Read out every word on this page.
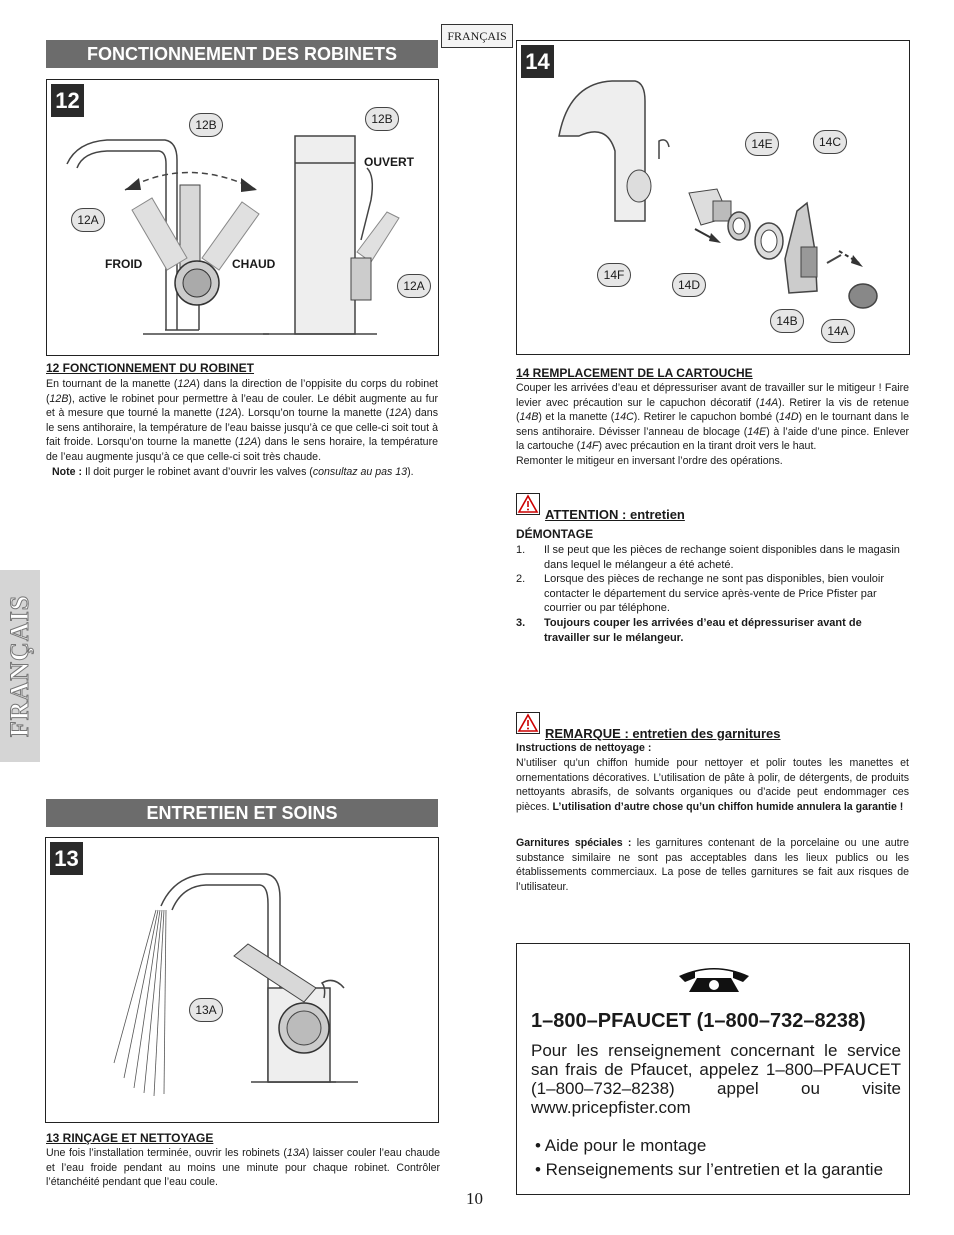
FRANÇAIS
FRANÇAIS
FONCTIONNEMENT DES ROBINETS
12
12B
12A
12B
12A
FROID	CHAUD
OUVERT
12 FONCTIONNEMENT DU ROBINET
En tournant de la manette (12A) dans la direction de l’oppisite du corps du robinet (12B), active le robinet pour permettre à l’eau de couler. Le débit augmente au fur et à mesure que tourné la manette (12A). Lorsqu’on tourne la manette (12A) dans le sens antihoraire, la température de l’eau baisse jusqu’à ce que celle-ci soit tout à fait froide. Lorsqu’on tourne la manette (12A) dans le sens horaire, la température de l’eau augmente jusqu’à ce que celle-ci soit très chaude.
Note : Il doit purger le robinet avant d’ouvrir les valves (consultaz au pas 13).
ENTRETIEN ET SOINS
13
13A
13 RINÇAGE ET NETTOYAGE
Une fois l’installation terminée, ouvrir les robinets (13A) laisser couler l’eau chaude et l’eau froide pendant au moins une minute pour chaque robinet. Contrôler l’étanchéité pendant que l’eau coule.
14
14E	14C
14F
14D
14B
14A
14 REMPLACEMENT DE LA CARTOUCHE
Couper les arrivées d’eau et dépressuriser avant de travailler sur le mitigeur ! Faire levier avec précaution sur le capuchon décoratif (14A). Retirer la vis de retenue (14B) et la manette (14C). Retirer le capuchon bombé (14D) en le tournant dans le sens antihoraire. Dévisser l’anneau de blocage (14E) à l’aide d’une pince. Enlever la cartouche (14F) avec précaution en la tirant droit vers le haut.
Remonter le mitigeur en inversant l’ordre des opérations.
ATTENTION : entretien
DÉMONTAGE
1. Il se peut que les pièces de rechange soient disponibles dans le magasin dans lequel le mélangeur a été acheté.
2. Lorsque des pièces de rechange ne sont pas disponibles, bien vouloir contacter le département du service après-vente de Price Pfister par courrier ou par téléphone.
3. Toujours couper les arrivées d’eau et dépressuriser avant de travailler sur le mélangeur.
REMARQUE : entretien des garnitures
Instructions de nettoyage :
N’utiliser qu’un chiffon humide pour nettoyer et polir toutes les manettes et ornementations décoratives. L’utilisation de pâte à polir, de détergents, de produits nettoyants abrasifs, de solvants organiques ou d’acide peut endommager ces pièces. L’utilisation d’autre chose qu’un chiffon humide annulera la garantie !
Garnitures spéciales : les garnitures contenant de la porcelaine ou une autre substance similaire ne sont pas acceptables dans les lieux publics ou les établissements commerciaux. La pose de telles garnitures se fait aux risques de l’utilisateur.
1–800–PFAUCET (1–800–732–8238)
Pour les renseignement concernant le service san frais de Pfaucet, appelez 1–800–PFAUCET (1–800–732–8238) appel ou visite www.pricepfister.com
• Aide pour le montage
• Renseignements sur l’entretien et la garantie
10
